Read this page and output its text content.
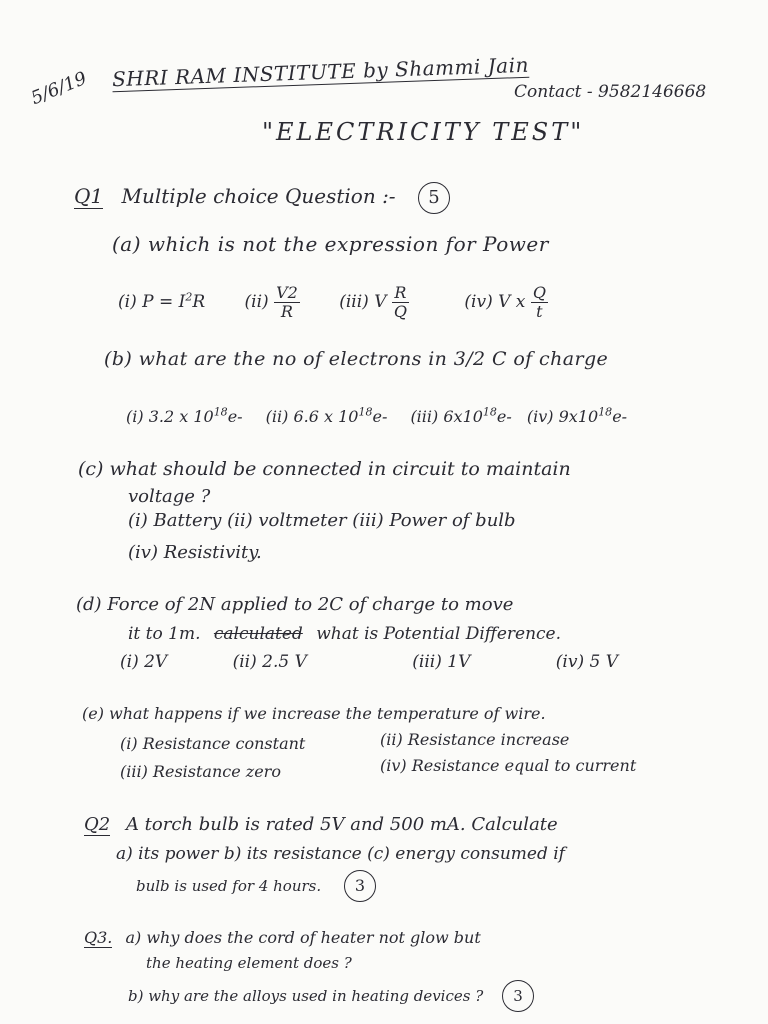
5/6/19 SHRI RAM INSTITUTE by Shammi Jain
Contact - 9582146668
"ELECTRICITY TEST"
Q1 Multiple choice Question :- 5
(a) which is not the expression for Power
(i) $P = I^2R$ $(ii) \frac{V2}{R} (iii)$ V $\frac{R}{Q}$	(iv) V x $\frac{Q}{t}$
(b) what are the no of electrons in 3/2 C of charge
(i) 3.2 x $10^{18}e-$ (ii) 6.6 x $10^{18}e-$ (iii) $6x10^{18}e-$ (iv) $9x10^{18}e-$
(c) what should be connected in circuit to maintain
voltage ?
(i) Battery (ii) voltmeter (iii) Power of bulb
(iv) Resistivity.
(d) Force of 2N applied to 2C of charge to move
it to 1m. calculated what is Potential Difference.
(i) 2V	(ii) 2.5 V	(iii) 1V	(iv) 5 V
(e) what happens if we increase the temperature of wire.
(i) Resistance constant	(ii) Resistance increase
(iii) Resistance zero	(iv) Resistance equal to current
Q2 A torch bulb is rated 5V and 500 mA. Calculate
a) its power b) its resistance (c) energy consumed if
bulb is used for 4 hours. 3
Q3. a) why does the cord of heater not glow but
the heating element does ?
b) why are the alloys used in heating devices ? 3
